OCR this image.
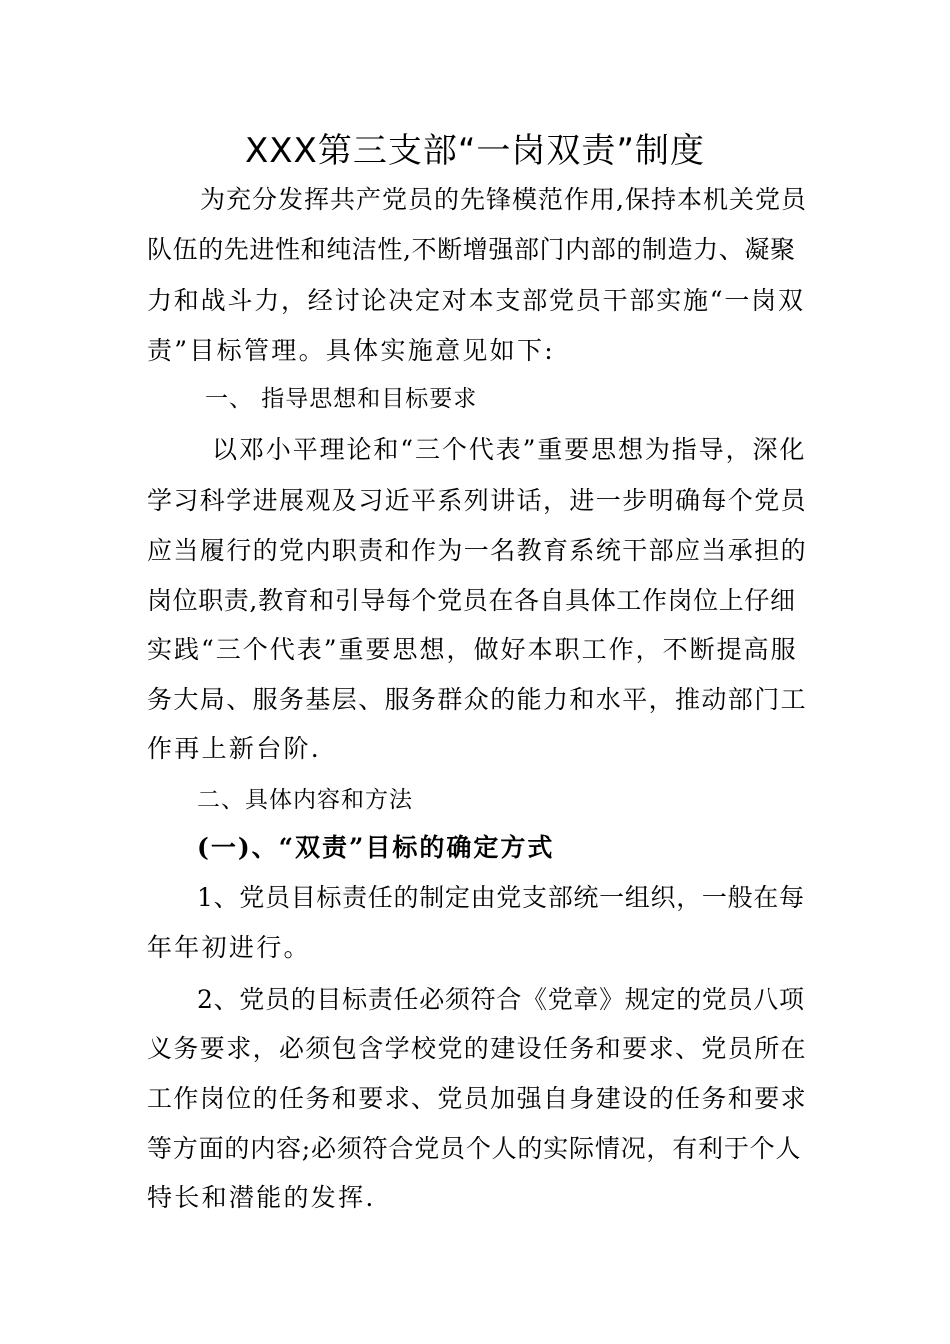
XXX第三支部“一岗双责”制度
为充分发挥共产党员的先锋模范作用,保持本机关党员
队伍的先进性和纯洁性,不断增强部门内部的制造力、凝聚
力和战斗力，经讨论决定对本支部党员干部实施“一岗双
责”目标管理。具体实施意见如下:
一、 指导思想和目标要求
以邓小平理论和“三个代表”重要思想为指导，深化
学习科学进展观及习近平系列讲话，进一步明确每个党员
应当履行的党内职责和作为一名教育系统干部应当承担的
岗位职责,教育和引导每个党员在各自具体工作岗位上仔细
实践“三个代表”重要思想，做好本职工作，不断提高服
务大局、服务基层、服务群众的能力和水平，推动部门工
作再上新台阶.
二、具体内容和方法
(一)、“双责”目标的确定方式
1、党员目标责任的制定由党支部统一组织，一般在每
年年初进行。
2、党员的目标责任必须符合《党章》规定的党员八项
义务要求，必须包含学校党的建设任务和要求、党员所在
工作岗位的任务和要求、党员加强自身建设的任务和要求
等方面的内容;必须符合党员个人的实际情况，有利于个人
特长和潜能的发挥.
